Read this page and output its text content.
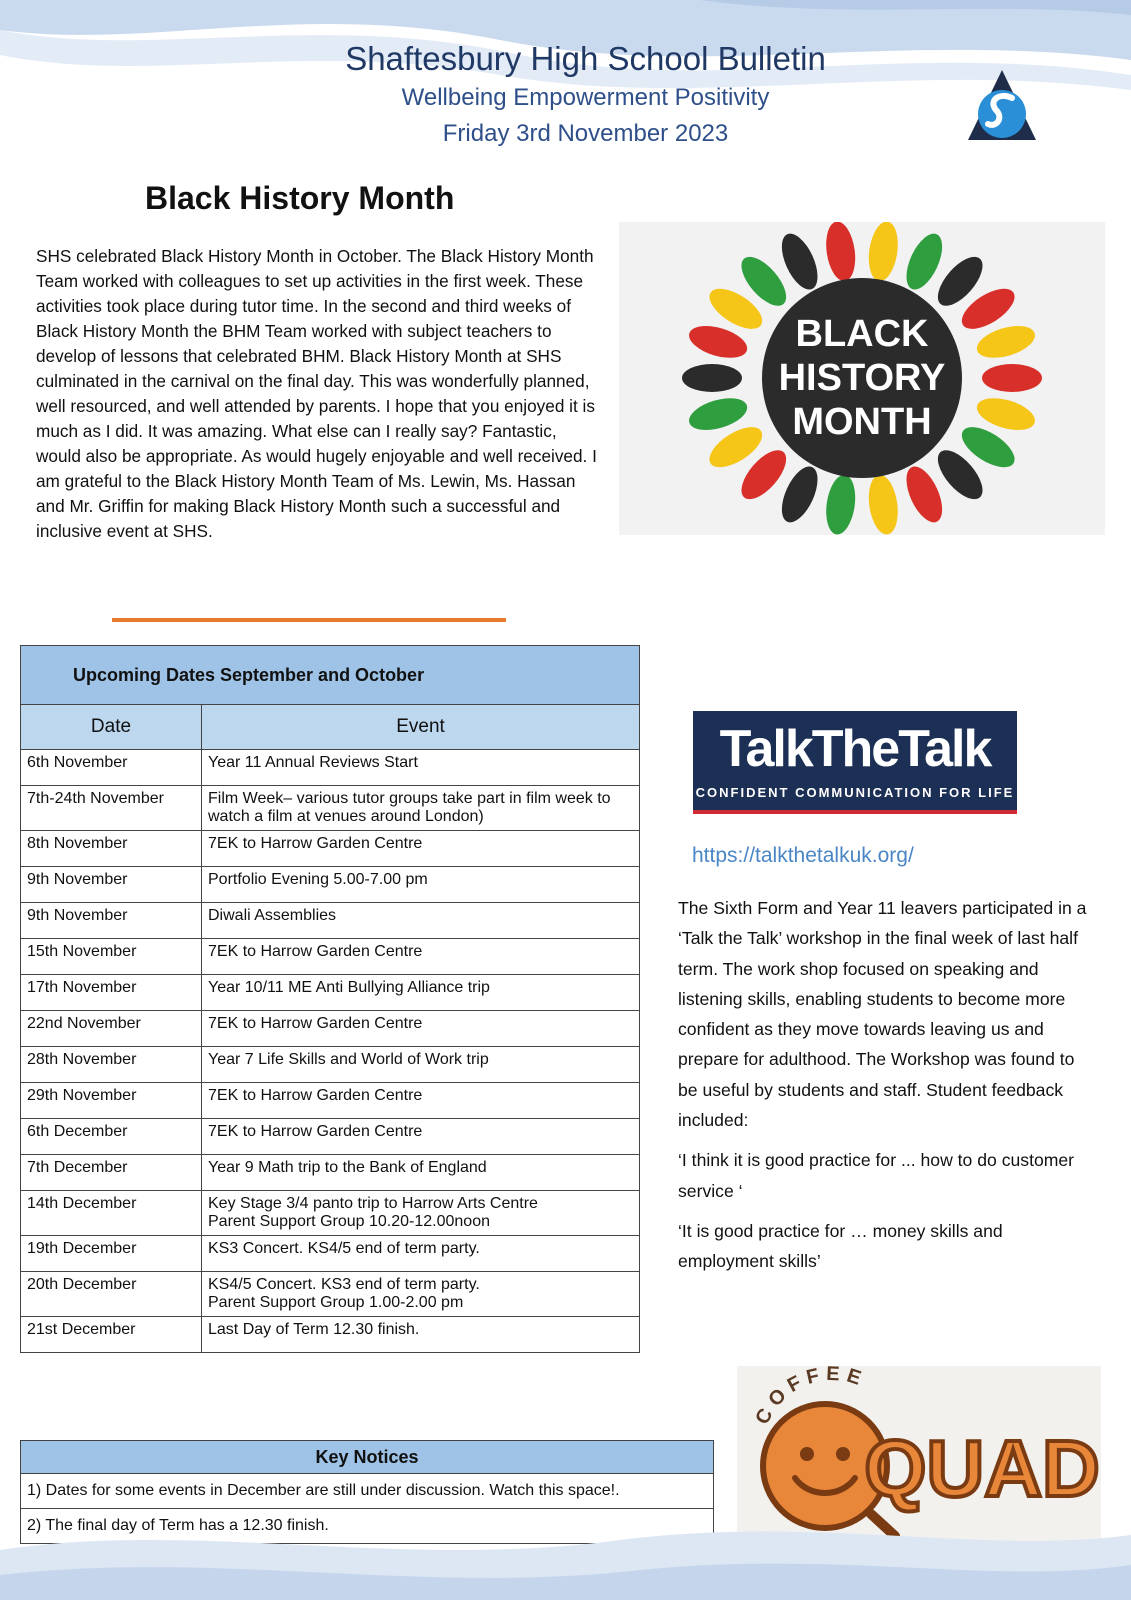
Shaftesbury High School Bulletin
Wellbeing Empowerment Positivity
Friday 3rd November 2023
Black History Month

SHS celebrated Black History Month in October. The Black History Month Team worked with colleagues to set up activities in the first week. These activities took place during tutor time. In the second and third weeks of Black History Month the BHM Team worked with subject teachers to develop of lessons that celebrated BHM. Black History Month at SHS culminated in the carnival on the final day. This was wonderfully planned, well resourced, and well attended by parents. I hope that you enjoyed it is much as I did. It was amazing. What else can I really say? Fantastic, would also be appropriate. As would hugely enjoyable and well received. I am grateful to the Black History Month Team of Ms. Lewin, Ms. Hassan and Mr. Griffin for making Black History Month such a successful and inclusive event at SHS.

BLACK
HISTORY
MONTH
Upcoming Dates September and October	
Date	Event
6th November	Year 11 Annual Reviews Start

7th-24th November	Film Week– various tutor groups take part in film week to watch a film at venues around London)

8th November	7EK to Harrow Garden Centre

9th November	Portfolio Evening 5.00-7.00 pm

9th November	Diwali Assemblies

15th November	7EK to Harrow Garden Centre

17th November	Year 10/11 ME Anti Bullying Alliance trip

22nd November	7EK to Harrow Garden Centre

28th November	Year 7 Life Skills and World of Work trip

29th November	7EK to Harrow Garden Centre

6th December	7EK to Harrow Garden Centre

7th December	Year 9 Math trip to the Bank of England

14th December	Key Stage 3/4 panto trip to Harrow Arts Centre
Parent Support Group 10.20-12.00noon

19th December	KS3 Concert. KS4/5 end of term party.

20th December	KS4/5 Concert. KS3 end of term party.
Parent Support Group 1.00-2.00 pm

21st December	Last Day of Term 12.30 finish.
Key Notices
1) Dates for some events in December are still under discussion. Watch this space!.
2) The final day of Term has a 12.30 finish.
TalkTheTalk
CONFIDENT COMMUNICATION FOR LIFE
https://talkthetalkuk.org/

The Sixth Form and Year 11 leavers participated in a ‘Talk the Talk’ workshop in the final week of last half term. The work shop focused on speaking and listening skills, enabling students to become more confident as they move towards leaving us and prepare for adulthood. The Workshop was found to be useful by students and staff. Student feedback included:

‘I think it is good practice for ... how to do customer service ‘

‘It is good practice for … money skills and employment skills’

COFFEE
QUAD
